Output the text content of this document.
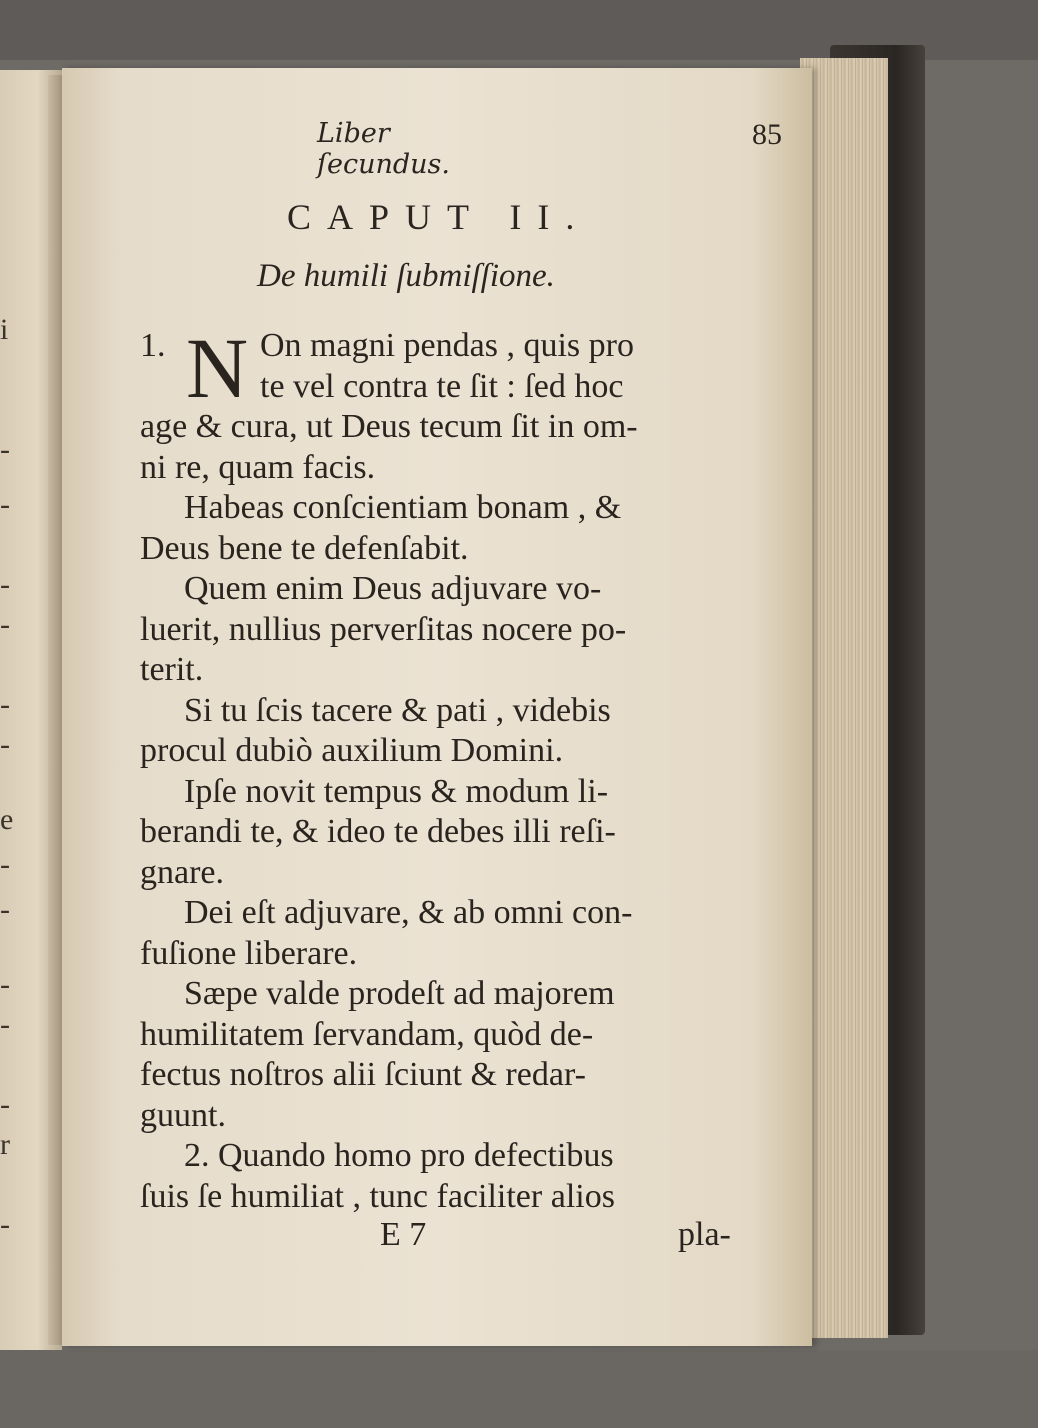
i
-
-
-
-
-
-
e
-
-
-
-
-
r
-
Liber ſecundus.
85
CAPUT II.
De humili ſubmiſſione.
N
1.	On magni pendas , quis pro
te vel contra te ſit : ſed hoc
age & cura, ut Deus tecum ſit in om-
ni re, quam facis.
Habeas conſcientiam bonam , &
Deus bene te defenſabit.
Quem enim Deus adjuvare vo-
luerit, nullius perverſitas nocere po-
terit.
Si tu ſcis tacere & pati , videbis
procul dubiò auxilium Domini.
Ipſe novit tempus & modum li-
berandi te, & ideo te debes illi reſi-
gnare.
Dei eſt adjuvare, & ab omni con-
fuſione liberare.
Sæpe valde prodeſt ad majorem
humilitatem ſervandam, quòd de-
fectus noſtros alii ſciunt & redar-
guunt.
2. Quando homo pro defectibus
ſuis ſe humiliat , tunc faciliter alios
E 7	pla-
